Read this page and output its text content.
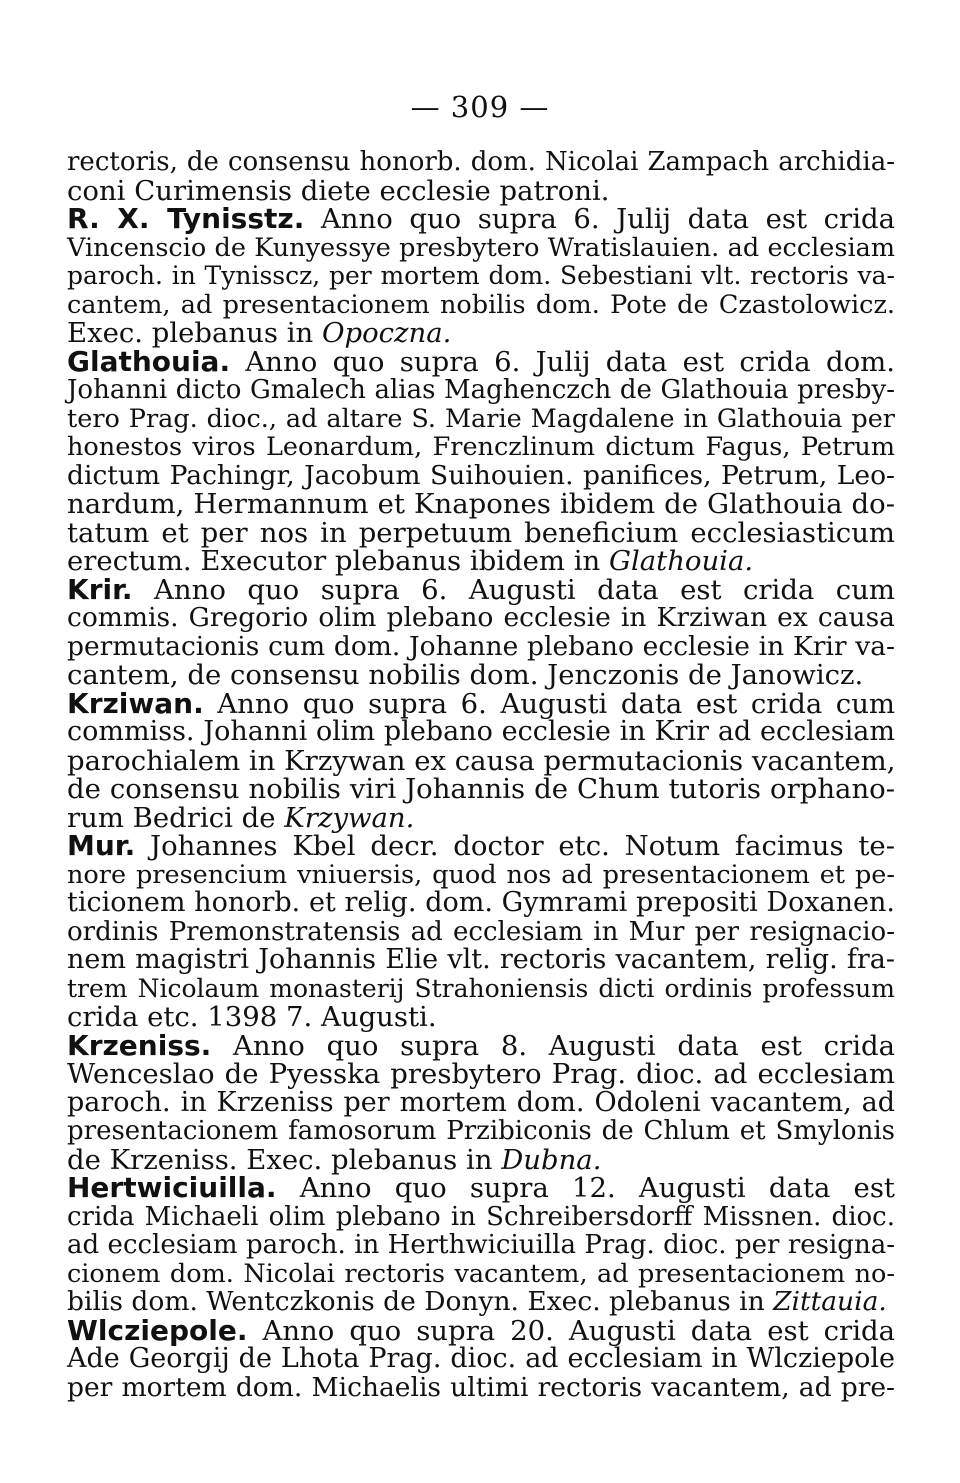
— 309 —
rectoris, de consensu honorb. dom. Nicolai Zampach archidia-
coni Curimensis diete ecclesie patroni.
R. X. Tynisstz. Anno quo supra 6. Julij data est crida
Vincenscio de Kunyessye presbytero Wratislauien. ad ecclesiam
paroch. in Tynisscz, per mortem dom. Sebestiani vlt. rectoris va-
cantem, ad presentacionem nobilis dom. Pote de Czastolowicz.
Exec. plebanus in Opoczna.
Glathouia. Anno quo supra 6. Julij data est crida dom.
Johanni dicto Gmalech alias Maghenczch de Glathouia presby-
tero Prag. dioc., ad altare S. Marie Magdalene in Glathouia per
honestos viros Leonardum, Frenczlinum dictum Fagus, Petrum
dictum Pachingr, Jacobum Suihouien. panifices, Petrum, Leo-
nardum, Hermannum et Knapones ibidem de Glathouia do-
tatum et per nos in perpetuum beneficium ecclesiasticum
erectum. Executor plebanus ibidem in Glathouia.
Krir. Anno quo supra 6. Augusti data est crida cum
commis. Gregorio olim plebano ecclesie in Krziwan ex causa
permutacionis cum dom. Johanne plebano ecclesie in Krir va-
cantem, de consensu nobilis dom. Jenczonis de Janowicz.
Krziwan. Anno quo supra 6. Augusti data est crida cum
commiss. Johanni olim plebano ecclesie in Krir ad ecclesiam
parochialem in Krzywan ex causa permutacionis vacantem,
de consensu nobilis viri Johannis de Chum tutoris orphano-
rum Bedrici de Krzywan.
Mur. Johannes Kbel decr. doctor etc. Notum facimus te-
nore presencium vniuersis, quod nos ad presentacionem et pe-
ticionem honorb. et relig. dom. Gymrami prepositi Doxanen.
ordinis Premonstratensis ad ecclesiam in Mur per resignacio-
nem magistri Johannis Elie vlt. rectoris vacantem, relig. fra-
trem Nicolaum monasterij Strahoniensis dicti ordinis professum
crida etc. 1398 7. Augusti.
Krzeniss. Anno quo supra 8. Augusti data est crida
Wenceslao de Pyesska presbytero Prag. dioc. ad ecclesiam
paroch. in Krzeniss per mortem dom. Odoleni vacantem, ad
presentacionem famosorum Przibiconis de Chlum et Smylonis
de Krzeniss. Exec. plebanus in Dubna.
Hertwiciuilla. Anno quo supra 12. Augusti data est
crida Michaeli olim plebano in Schreibersdorff Missnen. dioc.
ad ecclesiam paroch. in Herthwiciuilla Prag. dioc. per resigna-
cionem dom. Nicolai rectoris vacantem, ad presentacionem no-
bilis dom. Wentczkonis de Donyn. Exec. plebanus in Zittauia.
Wlcziepole. Anno quo supra 20. Augusti data est crida
Ade Georgij de Lhota Prag. dioc. ad ecclesiam in Wlcziepole
per mortem dom. Michaelis ultimi rectoris vacantem, ad pre-
